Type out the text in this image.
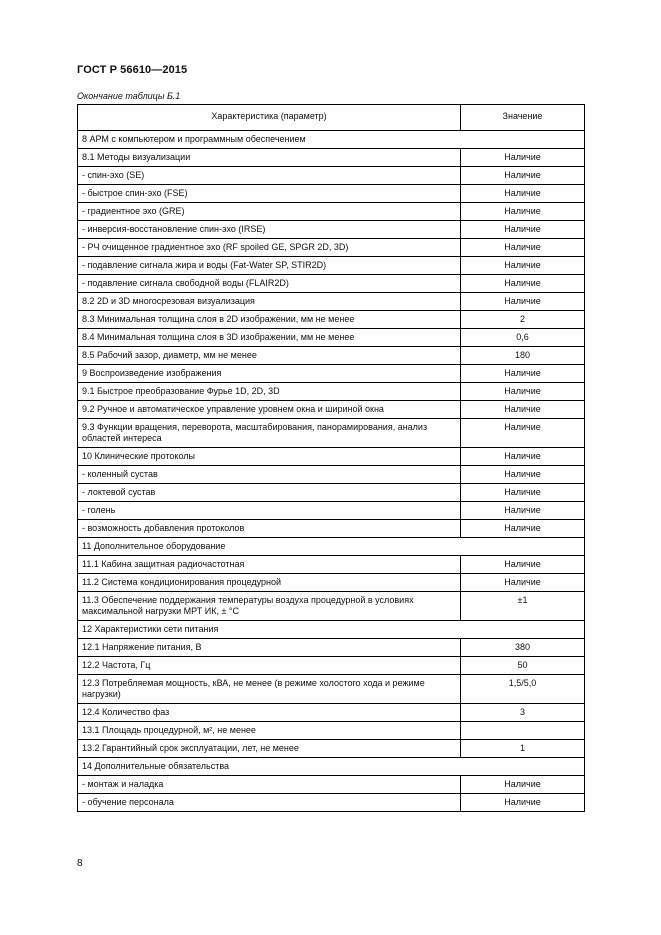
ГОСТ Р 56610—2015
Окончание таблицы Б.1
Характеристика (параметр)	Значение
8 АРМ с компьютером и программным обеспечением	
8.1 Методы визуализации	Наличие
- спин-эхо (SE)	Наличие
- быстрое спин-эхо (FSE)	Наличие
- градиентное эхо (GRE)	Наличие
- инверсия-восстановление спин-эхо (IRSE)	Наличие
- РЧ очищенное градиентное эхо (RF spoiled GE, SPGR 2D, 3D)	Наличие
- подавление сигнала жира и воды (Fat-Water SP, STIR2D)	Наличие
- подавление сигнала свободной воды (FLAIR2D)	Наличие
8.2 2D и 3D многосрезовая визуализация	Наличие
8.3 Минимальная толщина слоя в 2D изображении, мм не менее	2
8.4 Минимальная толщина слоя в 3D изображении, мм не менее	0,6
8.5 Рабочий зазор, диаметр, мм не менее	180
9 Воспроизведение изображения	Наличие
9.1 Быстрое преобразование Фурье 1D, 2D, 3D	Наличие
9.2 Ручное и автоматическое управление уровнем окна и шириной окна	Наличие
9.3 Функции вращения, переворота, масштабирования, панорамирования, анализ областей интереса	Наличие
10 Клинические протоколы	Наличие
- коленный сустав	Наличие
- локтевой сустав	Наличие
- голень	Наличие
- возможность добавления протоколов	Наличие
11 Дополнительное оборудование	
11.1 Кабина защитная радиочастотная	Наличие
11.2 Система кондиционирования процедурной	Наличие
11.3 Обеспечение поддержания температуры воздуха процедурной в условиях максимальной нагрузки МРТ ИК, ± °С	±1
12 Характеристики сети питания	
12.1 Напряжение питания, В	380
12.2 Частота, Гц	50
12.3 Потребляемая мощность, кВА, не менее (в режиме холостого хода и режиме нагрузки)	1,5/5,0
12.4 Количество фаз	3
13.1 Площадь процедурной, м², не менее	
13.2 Гарантийный срок эксплуатации, лет, не менее	1
14 Дополнительные обязательства	
- монтаж и наладка	Наличие
- обучение персонала	Наличие
8
